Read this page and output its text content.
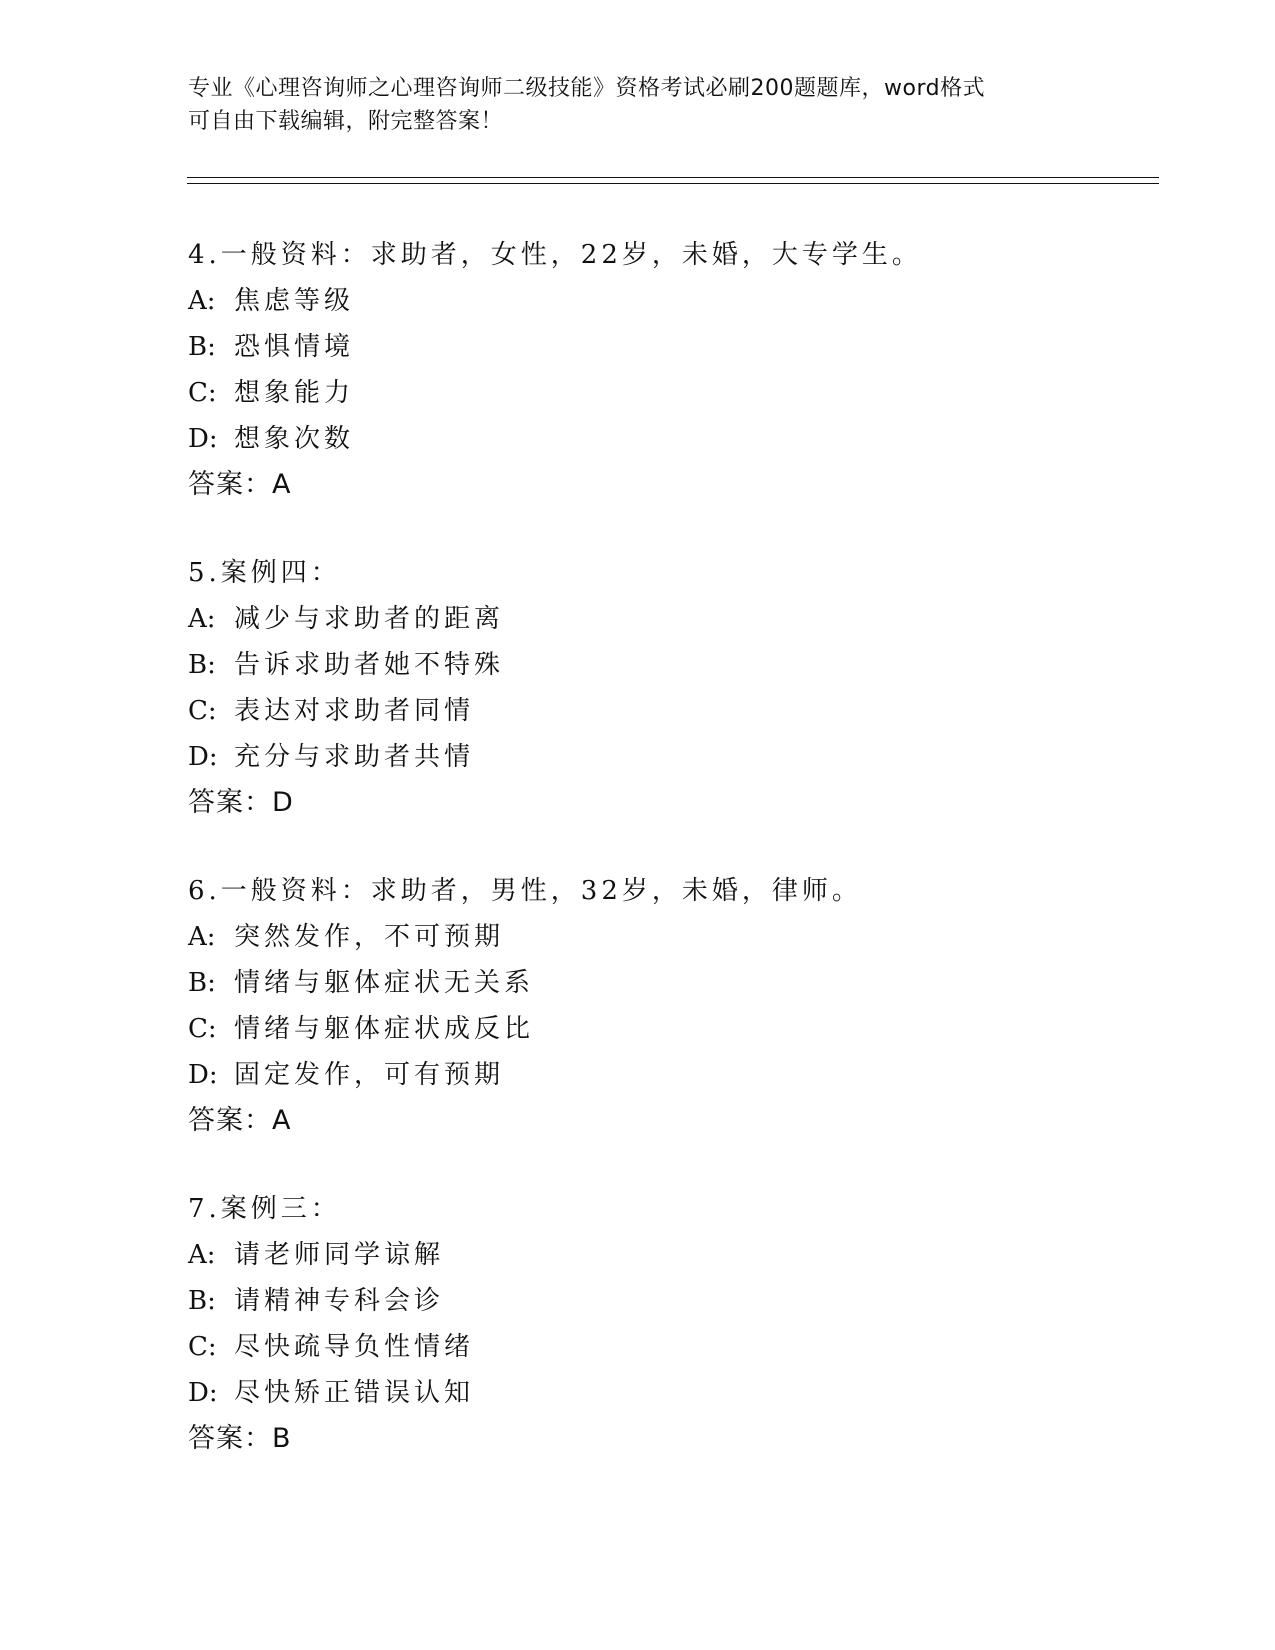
专业《心理咨询师之心理咨询师二级技能》资格考试必刷200题题库，word格式
可自由下载编辑，附完整答案！
4.一般资料：求助者，女性，22岁，未婚，大专学生。
A: 焦虑等级
B: 恐惧情境
C: 想象能力
D: 想象次数
答案：A
5.案例四：
A: 减少与求助者的距离
B: 告诉求助者她不特殊
C: 表达对求助者同情
D: 充分与求助者共情
答案：D
6.一般资料：求助者，男性，32岁，未婚，律师。
A: 突然发作，不可预期
B: 情绪与躯体症状无关系
C: 情绪与躯体症状成反比
D: 固定发作，可有预期
答案：A
7.案例三：
A: 请老师同学谅解
B: 请精神专科会诊
C: 尽快疏导负性情绪
D: 尽快矫正错误认知
答案：B
